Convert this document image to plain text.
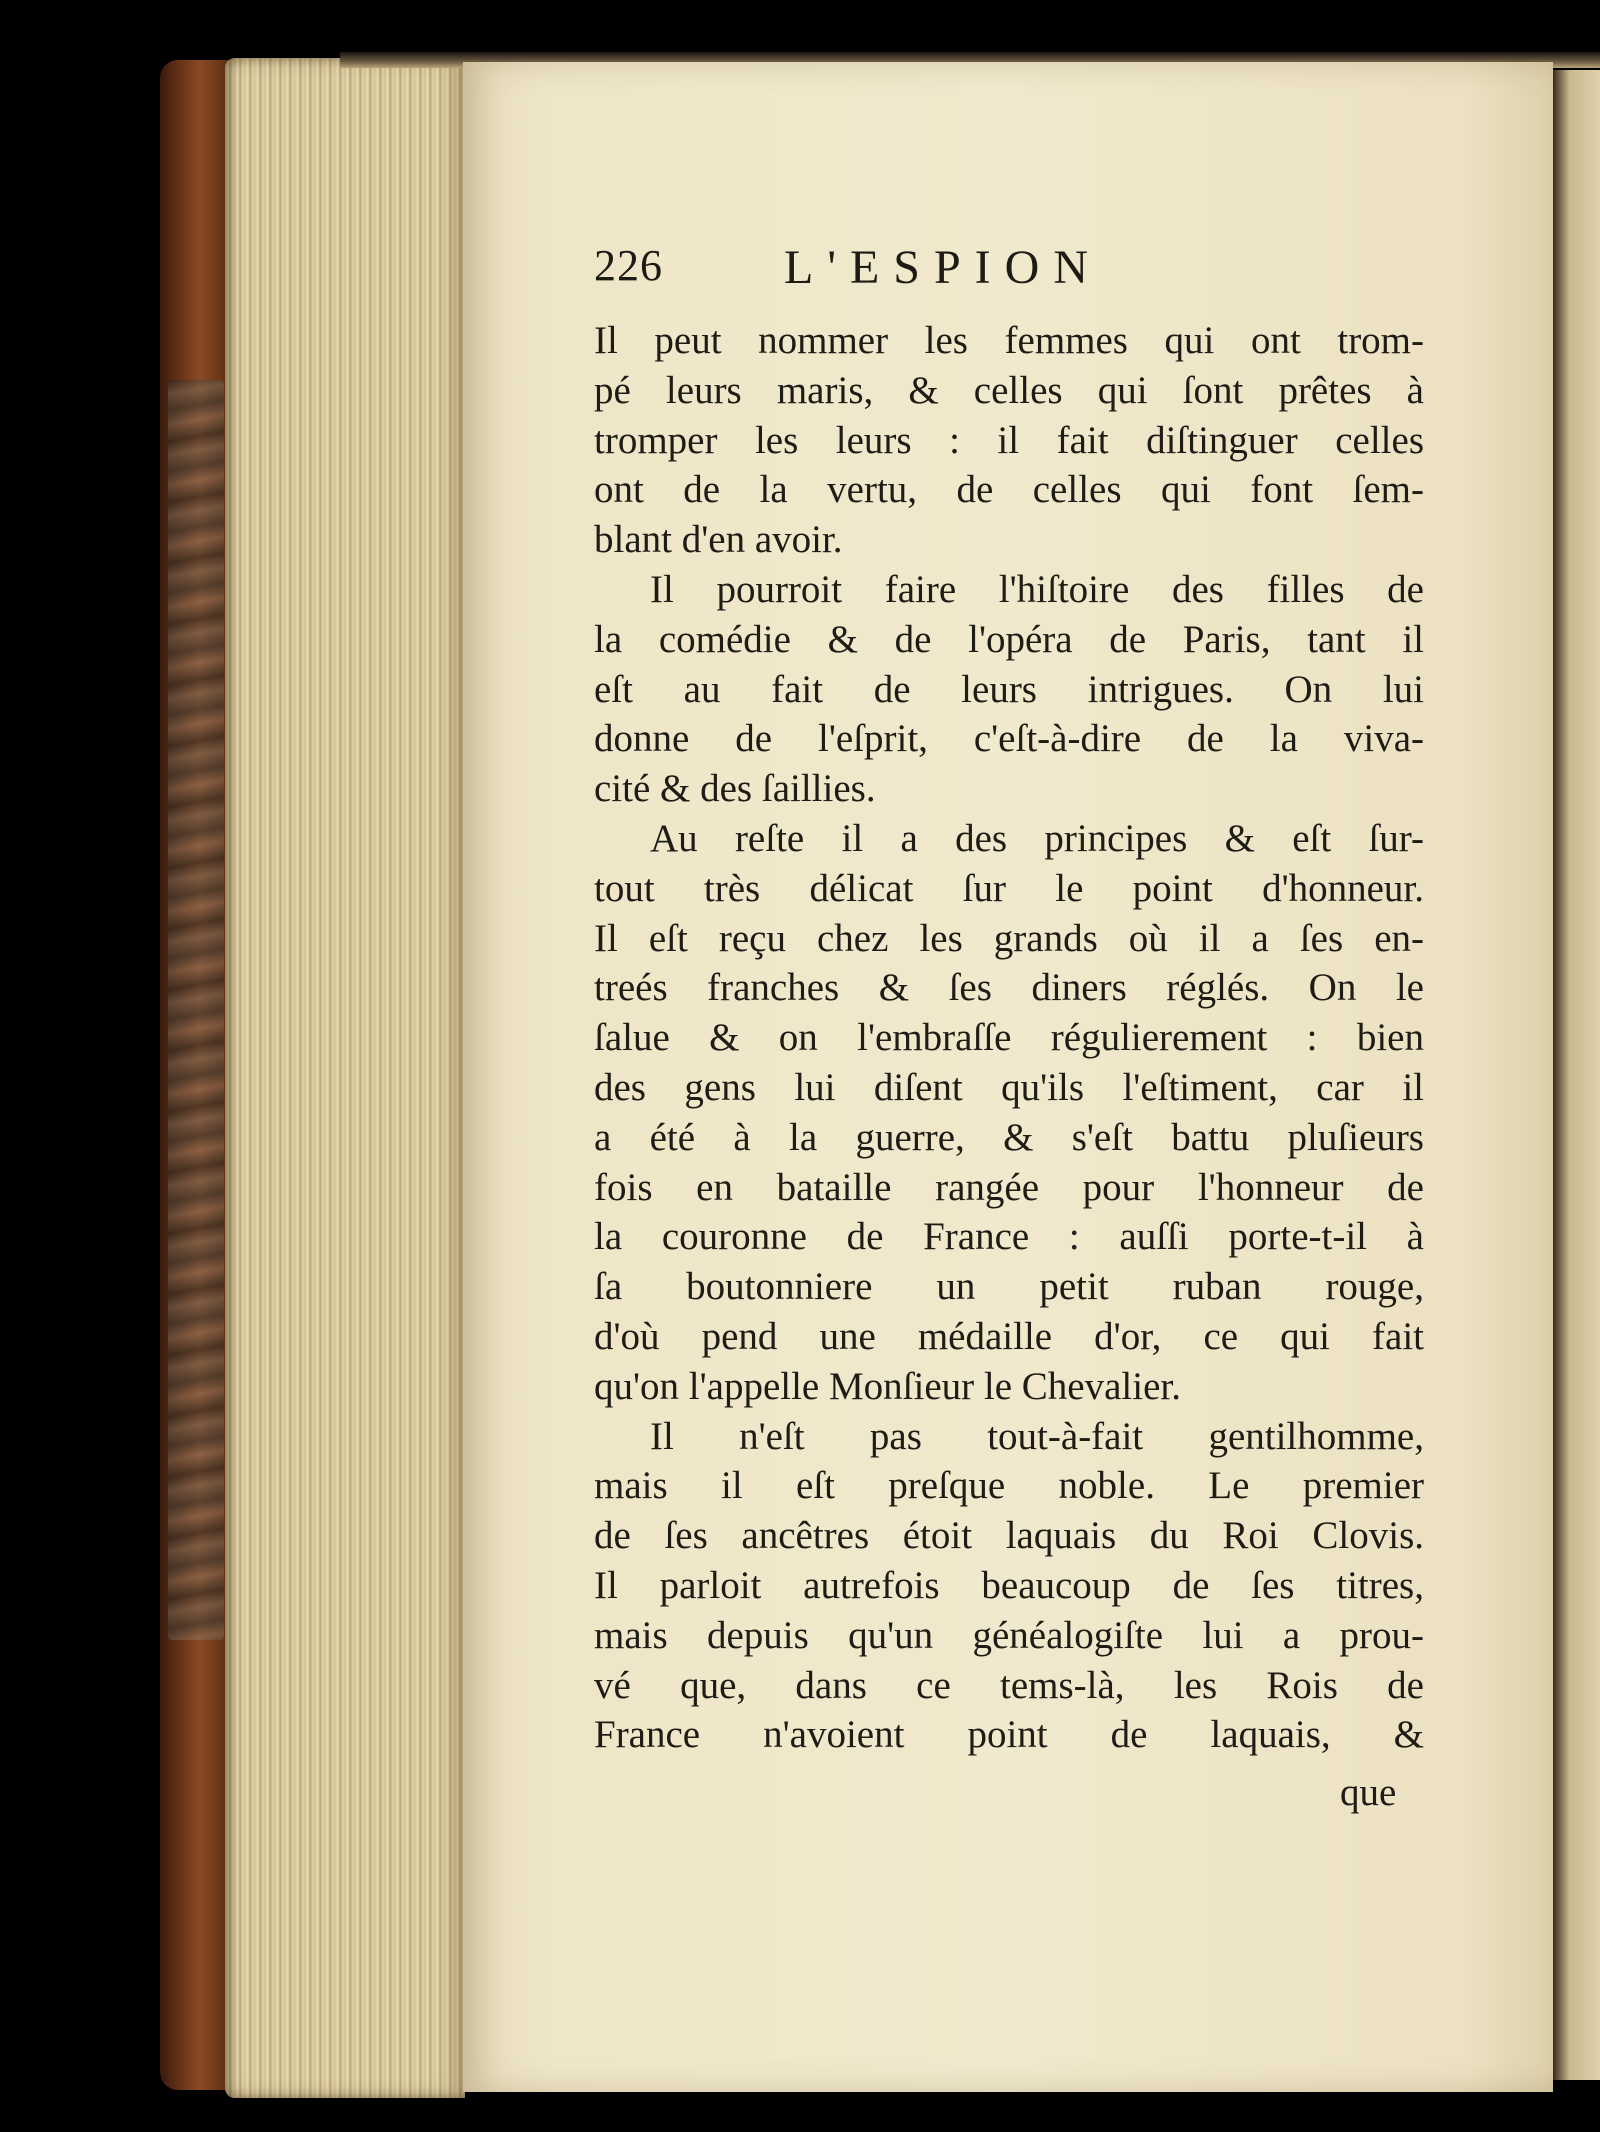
226	L'ESPION
Il peut nommer les femmes qui ont trom-
pé leurs maris, & celles qui ſont prêtes à
tromper les leurs : il fait diſtinguer celles
ont de la vertu, de celles qui font ſem-
blant d'en avoir.
Il pourroit faire l'hiſtoire des filles de
la comédie & de l'opéra de Paris, tant il
eſt au fait de leurs intrigues. On lui
donne de l'eſprit, c'eſt-à-dire de la viva-
cité & des ſaillies.
Au reſte il a des principes & eſt ſur-
tout très délicat ſur le point d'honneur.
Il eſt reçu chez les grands où il a ſes en-
treés franches & ſes diners réglés. On le
ſalue & on l'embraſſe régulierement : bien
des gens lui diſent qu'ils l'eſtiment, car il
a été à la guerre, & s'eſt battu pluſieurs
fois en bataille rangée pour l'honneur de
la couronne de France : auſſi porte-t-il à
ſa boutonniere un petit ruban rouge,
d'où pend une médaille d'or, ce qui fait
qu'on l'appelle Monſieur le Chevalier.
Il n'eſt pas tout-à-fait gentilhomme,
mais il eſt preſque noble. Le premier
de ſes ancêtres étoit laquais du Roi Clovis.
Il parloit autrefois beaucoup de ſes titres,
mais depuis qu'un généalogiſte lui a prou-
vé que, dans ce tems-là, les Rois de
France n'avoient point de laquais, &
que
